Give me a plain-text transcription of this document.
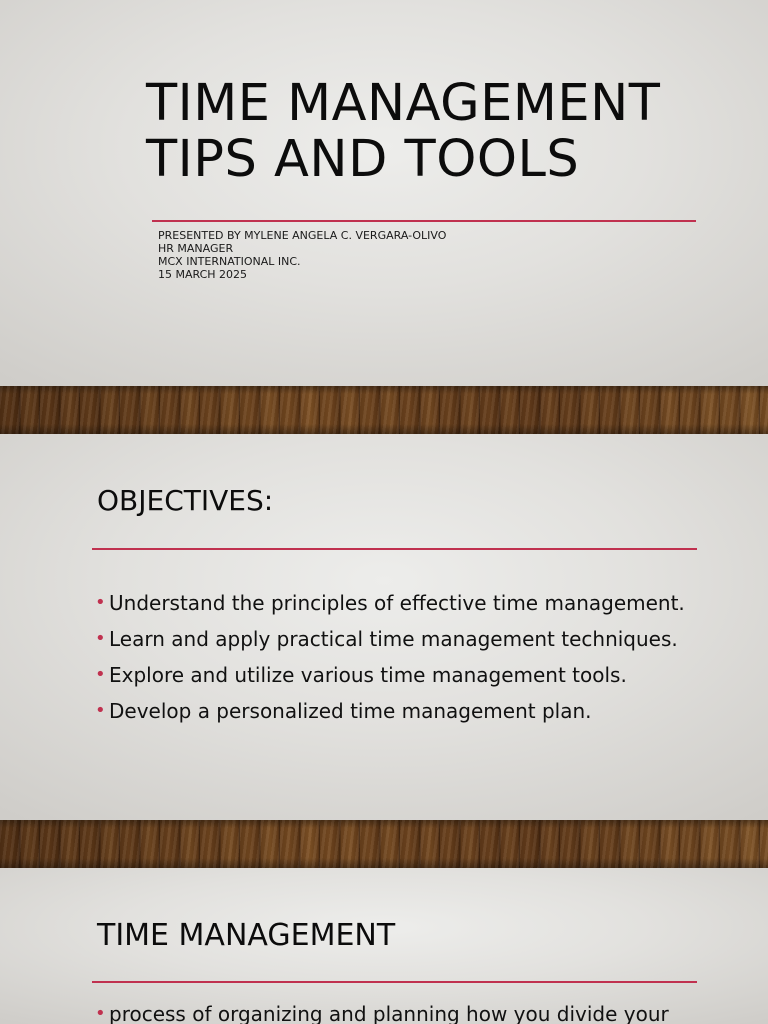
TIME MANAGEMENT
TIPS AND TOOLS
PRESENTED BY MYLENE ANGELA C. VERGARA-OLIVO
HR MANAGER
MCX INTERNATIONAL INC.
15 MARCH 2025
OBJECTIVES:
• Understand the principles of effective time management.
• Learn and apply practical time management techniques.
• Explore and utilize various time management tools.
• Develop a personalized time management plan.
TIME MANAGEMENT
• process of organizing and planning how you divide your
